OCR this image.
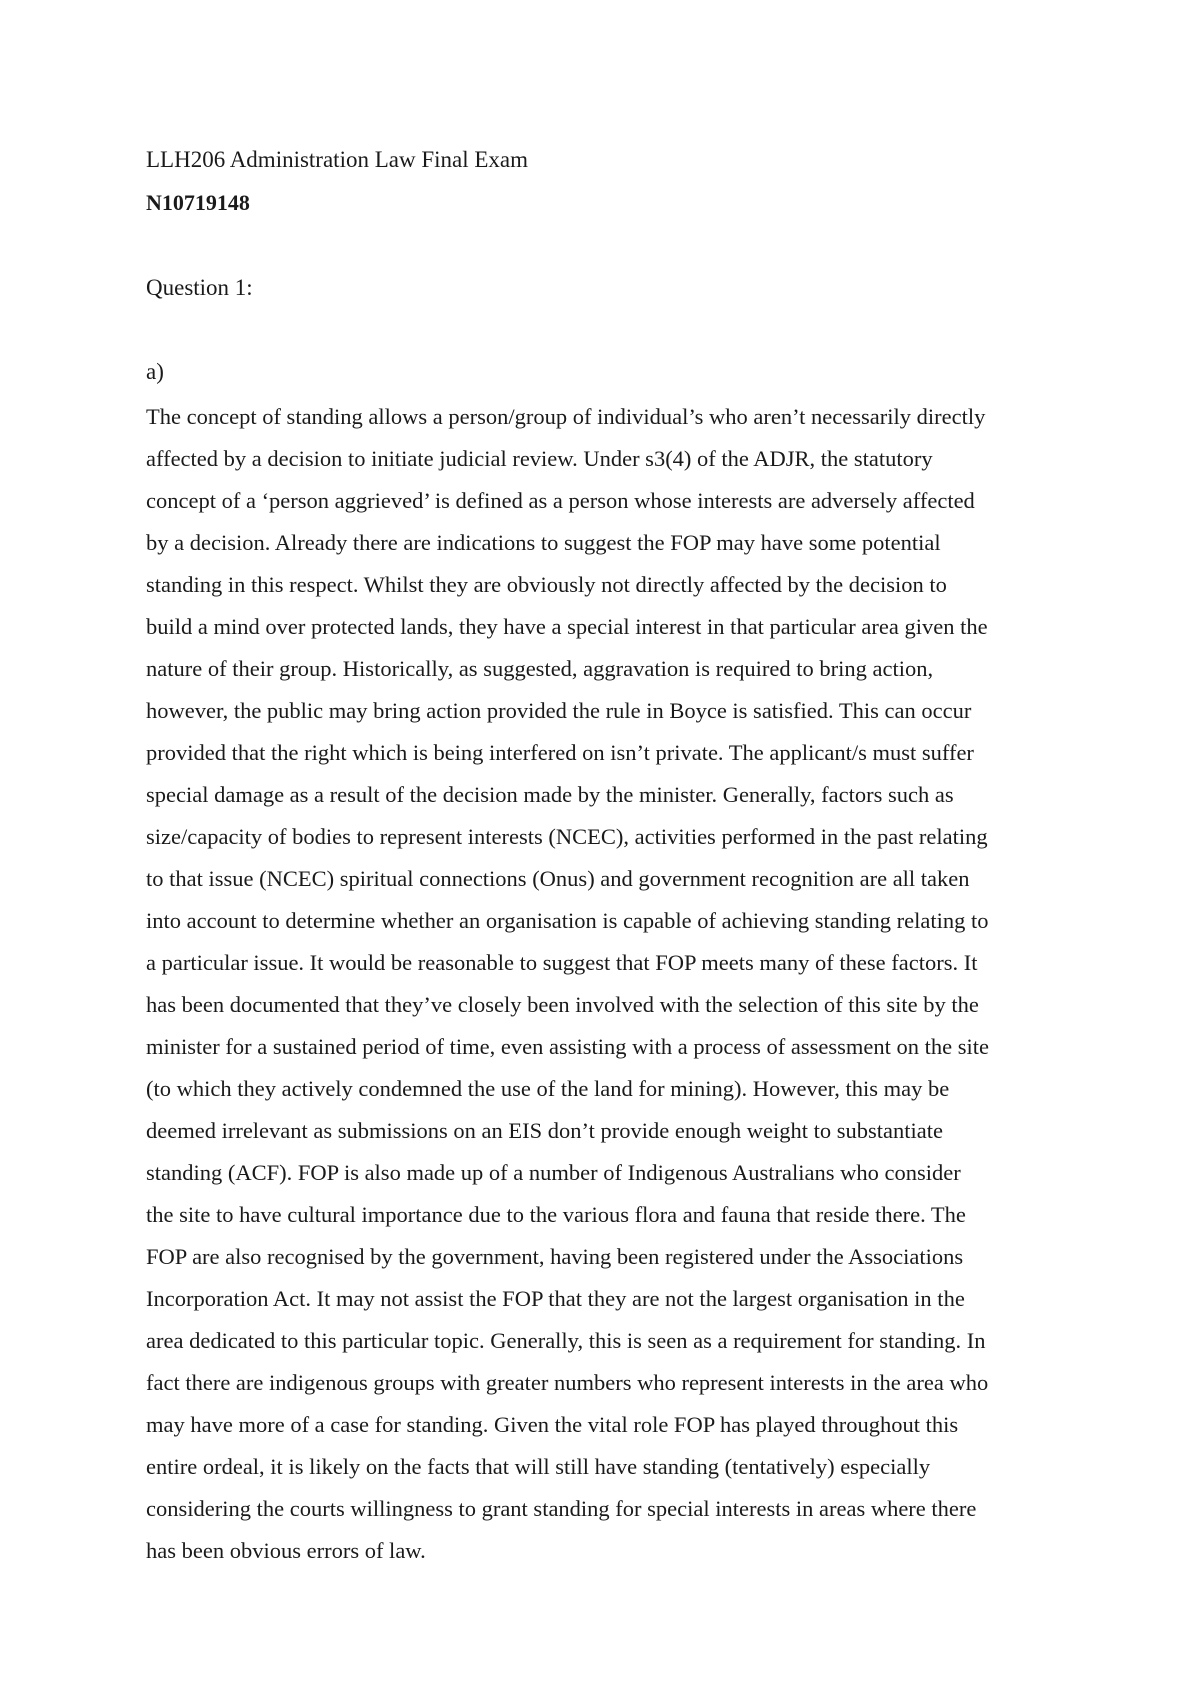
LLH206 Administration Law Final Exam

N10719148

Question 1:

a)

The concept of standing allows a person/group of individual’s who aren’t necessarily directly
affected by a decision to initiate judicial review. Under s3(4) of the ADJR, the statutory
concept of a ‘person aggrieved’ is defined as a person whose interests are adversely affected
by a decision. Already there are indications to suggest the FOP may have some potential
standing in this respect. Whilst they are obviously not directly affected by the decision to
build a mind over protected lands, they have a special interest in that particular area given the
nature of their group. Historically, as suggested, aggravation is required to bring action,
however, the public may bring action provided the rule in Boyce is satisfied. This can occur
provided that the right which is being interfered on isn’t private. The applicant/s must suffer
special damage as a result of the decision made by the minister. Generally, factors such as
size/capacity of bodies to represent interests (NCEC), activities performed in the past relating
to that issue (NCEC) spiritual connections (Onus) and government recognition are all taken
into account to determine whether an organisation is capable of achieving standing relating to
a particular issue. It would be reasonable to suggest that FOP meets many of these factors. It
has been documented that they’ve closely been involved with the selection of this site by the
minister for a sustained period of time, even assisting with a process of assessment on the site
(to which they actively condemned the use of the land for mining). However, this may be
deemed irrelevant as submissions on an EIS don’t provide enough weight to substantiate
standing (ACF). FOP is also made up of a number of Indigenous Australians who consider
the site to have cultural importance due to the various flora and fauna that reside there. The
FOP are also recognised by the government, having been registered under the Associations
Incorporation Act. It may not assist the FOP that they are not the largest organisation in the
area dedicated to this particular topic. Generally, this is seen as a requirement for standing. In
fact there are indigenous groups with greater numbers who represent interests in the area who
may have more of a case for standing. Given the vital role FOP has played throughout this
entire ordeal, it is likely on the facts that will still have standing (tentatively) especially
considering the courts willingness to grant standing for special interests in areas where there
has been obvious errors of law.
